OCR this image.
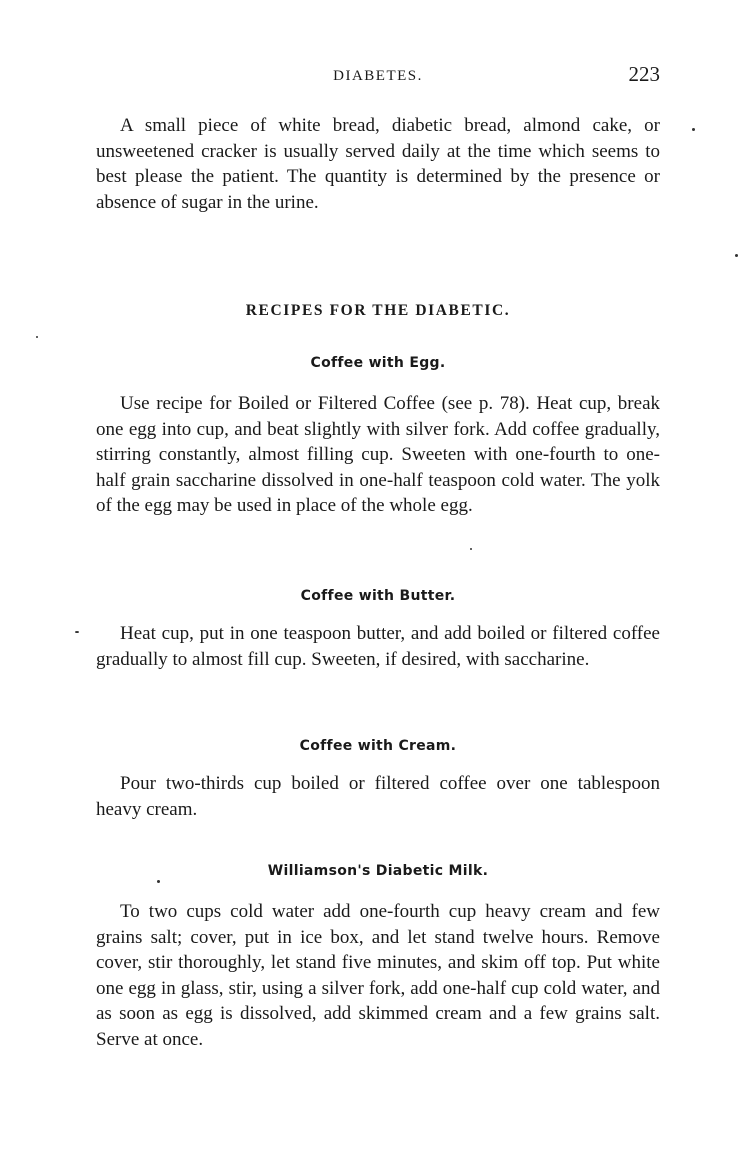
DIABETES.	223

A small piece of white bread, diabetic bread, almond cake, or unsweetened cracker is usually served daily at the time which seems to best please the patient. The quantity is determined by the presence or absence of sugar in the urine.

RECIPES FOR THE DIABETIC.
Coffee with Egg.

Use recipe for Boiled or Filtered Coffee (see p. 78). Heat cup, break one egg into cup, and beat slightly with silver fork. Add coffee gradually, stirring constantly, almost filling cup. Sweeten with one-fourth to one-half grain saccharine dissolved in one-half teaspoon cold water. The yolk of the egg may be used in place of the whole egg.

Coffee with Butter.

Heat cup, put in one teaspoon butter, and add boiled or filtered coffee gradually to almost fill cup. Sweeten, if desired, with saccharine.

Coffee with Cream.

Pour two-thirds cup boiled or filtered coffee over one tablespoon heavy cream.

Williamson's Diabetic Milk.

To two cups cold water add one-fourth cup heavy cream and few grains salt; cover, put in ice box, and let stand twelve hours. Remove cover, stir thoroughly, let stand five minutes, and skim off top. Put white one egg in glass, stir, using a silver fork, add one-half cup cold water, and as soon as egg is dissolved, add skimmed cream and a few grains salt. Serve at once.
